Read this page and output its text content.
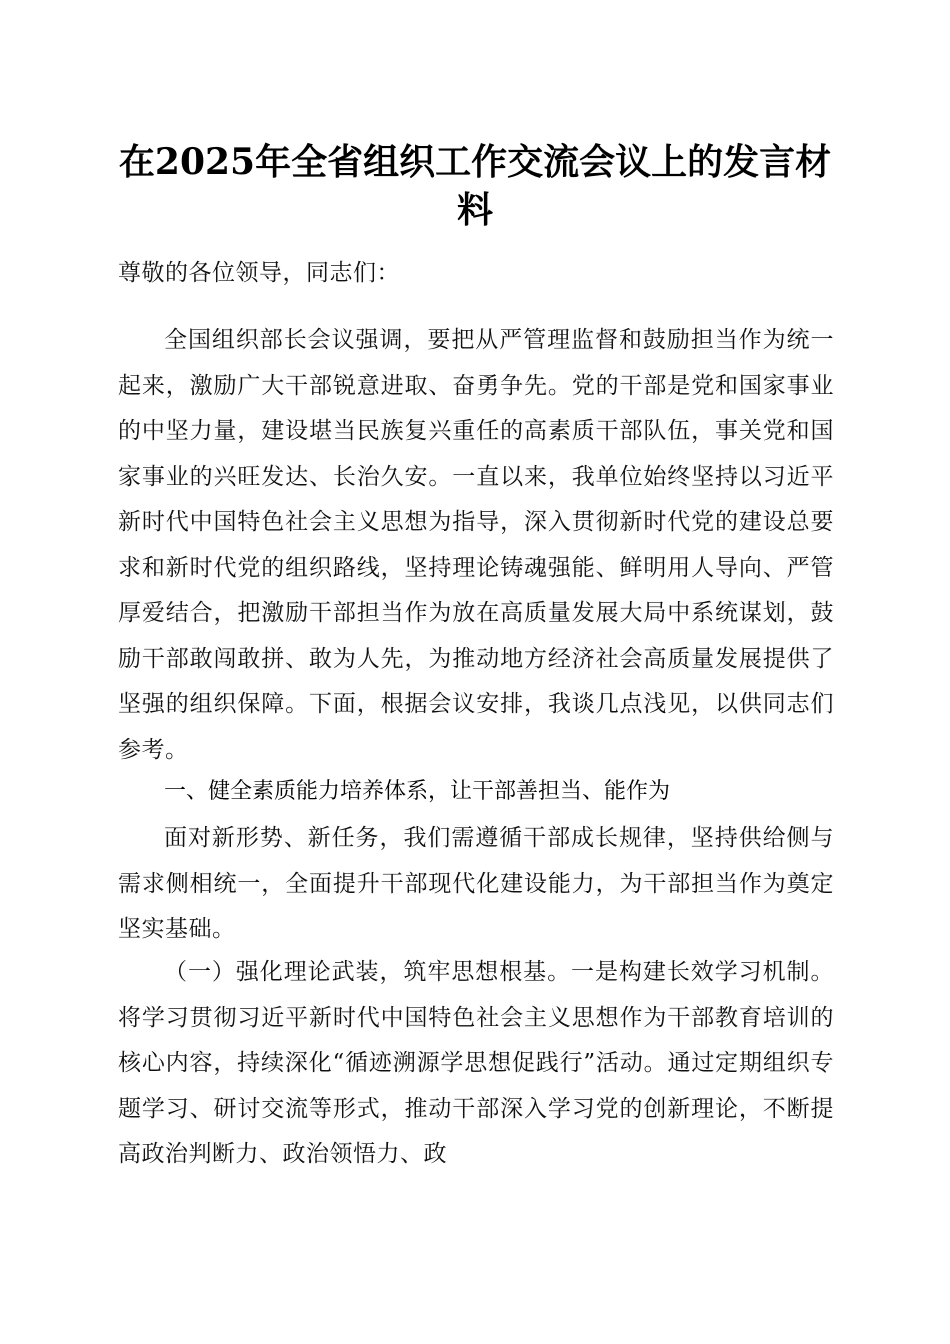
在2025年全省组织工作交流会议上的发言材料

尊敬的各位领导，同志们：

全国组织部长会议强调，要把从严管理监督和鼓励担当作为统一起来，激励广大干部锐意进取、奋勇争先。党的干部是党和国家事业的中坚力量，建设堪当民族复兴重任的高素质干部队伍，事关党和国家事业的兴旺发达、长治久安。一直以来，我单位始终坚持以习近平新时代中国特色社会主义思想为指导，深入贯彻新时代党的建设总要求和新时代党的组织路线，坚持理论铸魂强能、鲜明用人导向、严管厚爱结合，把激励干部担当作为放在高质量发展大局中系统谋划，鼓励干部敢闯敢拼、敢为人先，为推动地方经济社会高质量发展提供了坚强的组织保障。下面，根据会议安排，我谈几点浅见，以供同志们参考。

一、健全素质能力培养体系，让干部善担当、能作为

面对新形势、新任务，我们需遵循干部成长规律，坚持供给侧与需求侧相统一，全面提升干部现代化建设能力，为干部担当作为奠定坚实基础。

（一）强化理论武装，筑牢思想根基。一是构建长效学习机制。将学习贯彻习近平新时代中国特色社会主义思想作为干部教育培训的核心内容，持续深化“循迹溯源学思想促践行”活动。通过定期组织专题学习、研讨交流等形式，推动干部深入学习党的创新理论，不断提高政治判断力、政治领悟力、政
